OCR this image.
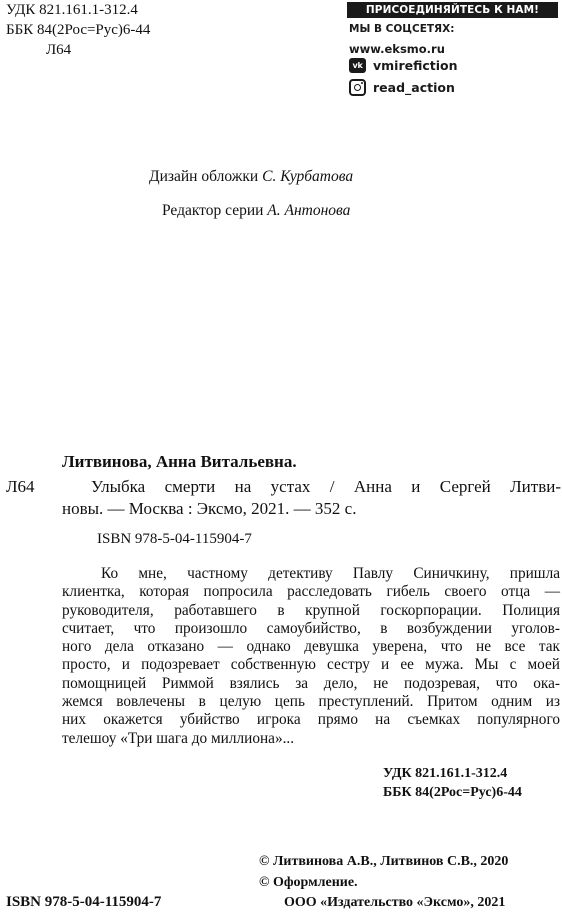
УДК 821.161.1-312.4
ББК 84(2Рос=Рус)6-44
Л64
ПРИСОЕДИНЯЙТЕСЬ К НАМ!
МЫ В СОЦСЕТЯХ:
www.eksmo.ru
vk vmirefiction
read_action
Дизайн обложки С. Курбатова
Редактор серии А. Антонова
Литвинова, Анна Витальевна.
Л64	Улыбка смерти на устах / Анна и Сергей Литви-
новы. — Москва : Эксмо, 2021. — 352 с.
ISBN 978-5-04-115904-7
Ко мне, частному детективу Павлу Синичкину, пришла
клиентка, которая попросила расследовать гибель своего отца —
руководителя, работавшего в крупной госкорпорации. Полиция
считает, что произошло самоубийство, в возбуждении уголов-
ного дела отказано — однако девушка уверена, что не все так
просто, и подозревает собственную сестру и ее мужа. Мы с моей
помощницей Риммой взялись за дело, не подозревая, что ока-
жемся вовлечены в целую цепь преступлений. Притом одним из
них окажется убийство игрока прямо на съемках популярного
телешоу «Три шага до миллиона»...
УДК 821.161.1-312.4
ББК 84(2Рос=Рус)6-44
© Литвинова А.В., Литвинов С.В., 2020
© Оформление.
ООО «Издательство «Эксмо», 2021
ISBN 978-5-04-115904-7
